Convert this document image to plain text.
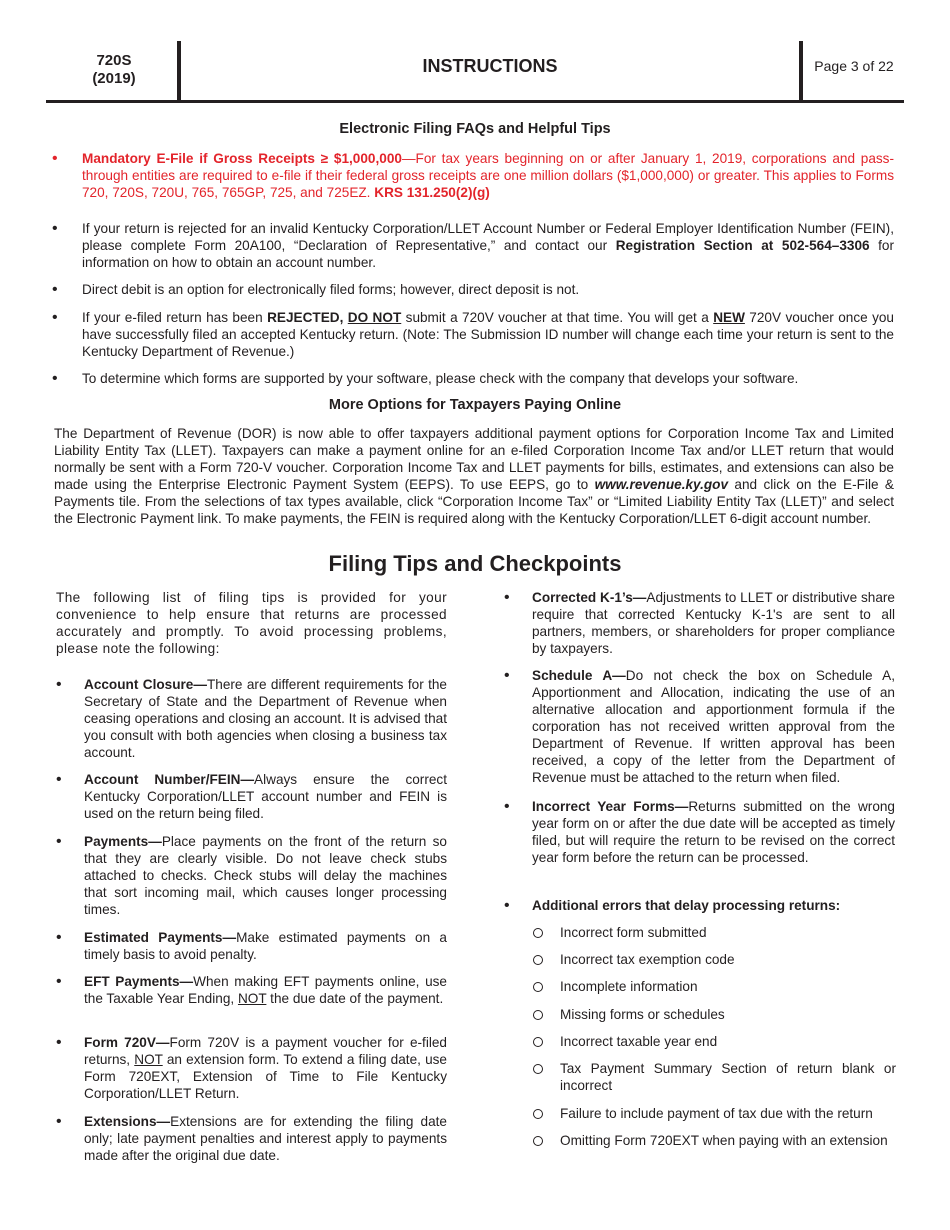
720S
(2019)
INSTRUCTIONS	Page 3 of 22
Electronic Filing FAQs and Helpful Tips
• Mandatory E-File if Gross Receipts ≥ $1,000,000—For tax years beginning on or after January 1, 2019, corporations and pass-through entities are required to e-file if their federal gross receipts are one million dollars ($1,000,000) or greater. This applies to Forms 720, 720S, 720U, 765, 765GP, 725, and 725EZ. KRS 131.250(2)(g)
• If your return is rejected for an invalid Kentucky Corporation/LLET Account Number or Federal Employer Identification Number (FEIN), please complete Form 20A100, “Declaration of Representative,” and contact our Registration Section at 502-564–3306 for information on how to obtain an account number.
• Direct debit is an option for electronically filed forms; however, direct deposit is not.
• If your e-filed return has been REJECTED, DO NOT submit a 720V voucher at that time. You will get a NEW 720V voucher once you have successfully filed an accepted Kentucky return. (Note: The Submission ID number will change each time your return is sent to the Kentucky Department of Revenue.)
• To determine which forms are supported by your software, please check with the company that develops your software.
More Options for Taxpayers Paying Online
The Department of Revenue (DOR) is now able to offer taxpayers additional payment options for Corporation Income Tax and Limited Liability Entity Tax (LLET). Taxpayers can make a payment online for an e-filed Corporation Income Tax and/or LLET return that would normally be sent with a Form 720-V voucher. Corporation Income Tax and LLET payments for bills, estimates, and extensions can also be made using the Enterprise Electronic Payment System (EEPS). To use EEPS, go to www.revenue.ky.gov and click on the E-File & Payments tile. From the selections of tax types available, click “Corporation Income Tax” or “Limited Liability Entity Tax (LLET)” and select the Electronic Payment link. To make payments, the FEIN is required along with the Kentucky Corporation/LLET 6-digit account number.
Filing Tips and Checkpoints
The following list of filing tips is provided for your convenience to help ensure that returns are processed accurately and promptly. To avoid processing problems, please note the following:
• Account Closure—There are different requirements for the Secretary of State and the Department of Revenue when ceasing operations and closing an account. It is advised that you consult with both agencies when closing a business tax account.
• Account Number/FEIN—Always ensure the correct Kentucky Corporation/LLET account number and FEIN is used on the return being filed.
• Payments—Place payments on the front of the return so that they are clearly visible. Do not leave check stubs attached to checks. Check stubs will delay the machines that sort incoming mail, which causes longer processing times.
• Estimated Payments—Make estimated payments on a timely basis to avoid penalty.
• EFT Payments—When making EFT payments online, use the Taxable Year Ending, NOT the due date of the payment.
• Form 720V—Form 720V is a payment voucher for e-filed returns, NOT an extension form. To extend a filing date, use Form 720EXT, Extension of Time to File Kentucky Corporation/LLET Return.
• Extensions—Extensions are for extending the filing date only; late payment penalties and interest apply to payments made after the original due date.
• Corrected K-1’s—Adjustments to LLET or distributive share require that corrected Kentucky K-1's are sent to all partners, members, or shareholders for proper compliance by taxpayers.
• Schedule A—Do not check the box on Schedule A, Apportionment and Allocation, indicating the use of an alternative allocation and apportionment formula if the corporation has not received written approval from the Department of Revenue. If written approval has been received, a copy of the letter from the Department of Revenue must be attached to the return when filed.
• Incorrect Year Forms—Returns submitted on the wrong year form on or after the due date will be accepted as timely filed, but will require the return to be revised on the correct year form before the return can be processed.
• Additional errors that delay processing returns:
Incorrect form submitted
Incorrect tax exemption code
Incomplete information
Missing forms or schedules
Incorrect taxable year end
Tax Payment Summary Section of return blank or incorrect
Failure to include payment of tax due with the return
Omitting Form 720EXT when paying with an extension
